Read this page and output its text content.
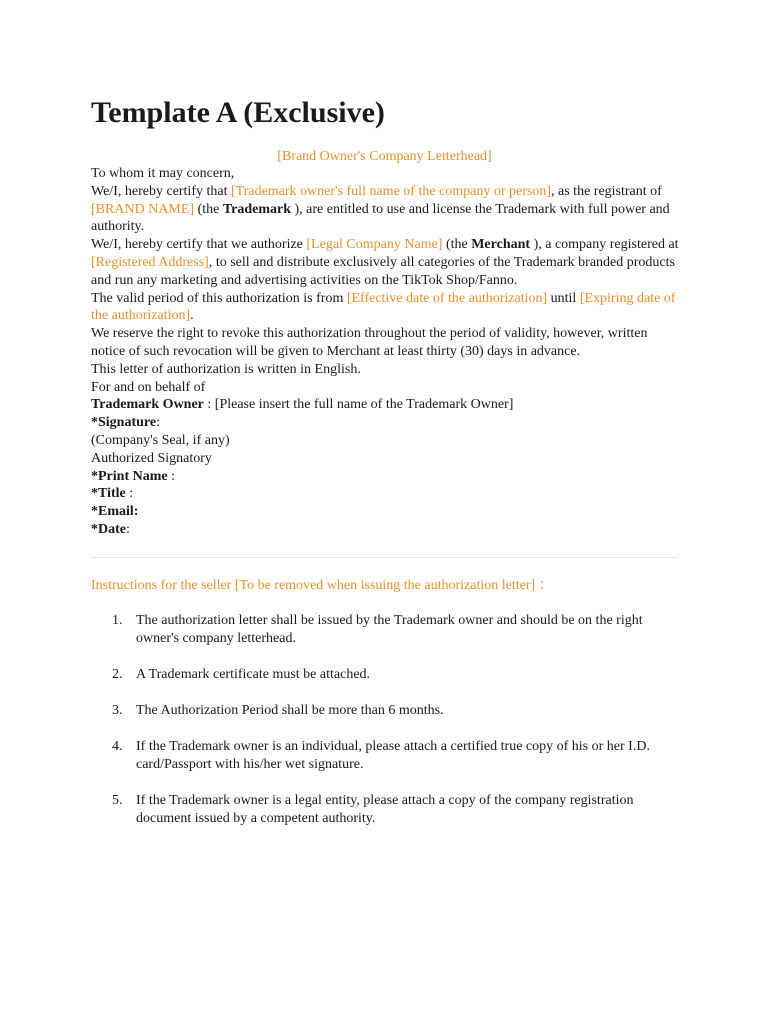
Template A (Exclusive)
[Brand Owner's Company Letterhead]

To whom it may concern,

We/I, hereby certify that [Trademark owner's full name of the company or person], as the registrant of [BRAND NAME] (the Trademark ), are entitled to use and license the Trademark with full power and authority.

We/I, hereby certify that we authorize [Legal Company Name] (the Merchant ), a company registered at [Registered Address], to sell and distribute exclusively all categories of the Trademark branded products and run any marketing and advertising activities on the TikTok Shop/Fanno.

The valid period of this authorization is from [Effective date of the authorization] until [Expiring date of the authorization].

We reserve the right to revoke this authorization throughout the period of validity, however, written notice of such revocation will be given to Merchant at least thirty (30) days in advance.

This letter of authorization is written in English.

For and on behalf of

Trademark Owner : [Please insert the full name of the Trademark Owner]

*Signature:

(Company's Seal, if any)

Authorized Signatory

*Print Name :

*Title :

*Email:

*Date:

Instructions for the seller [To be removed when issuing the authorization letter] ：
1. The authorization letter shall be issued by the Trademark owner and should be on the right owner's company letterhead.
2. A Trademark certificate must be attached.
3. The Authorization Period shall be more than 6 months.
4. If the Trademark owner is an individual, please attach a certified true copy of his or her I.D. card/Passport with his/her wet signature.
5. If the Trademark owner is a legal entity, please attach a copy of the company registration document issued by a competent authority.
